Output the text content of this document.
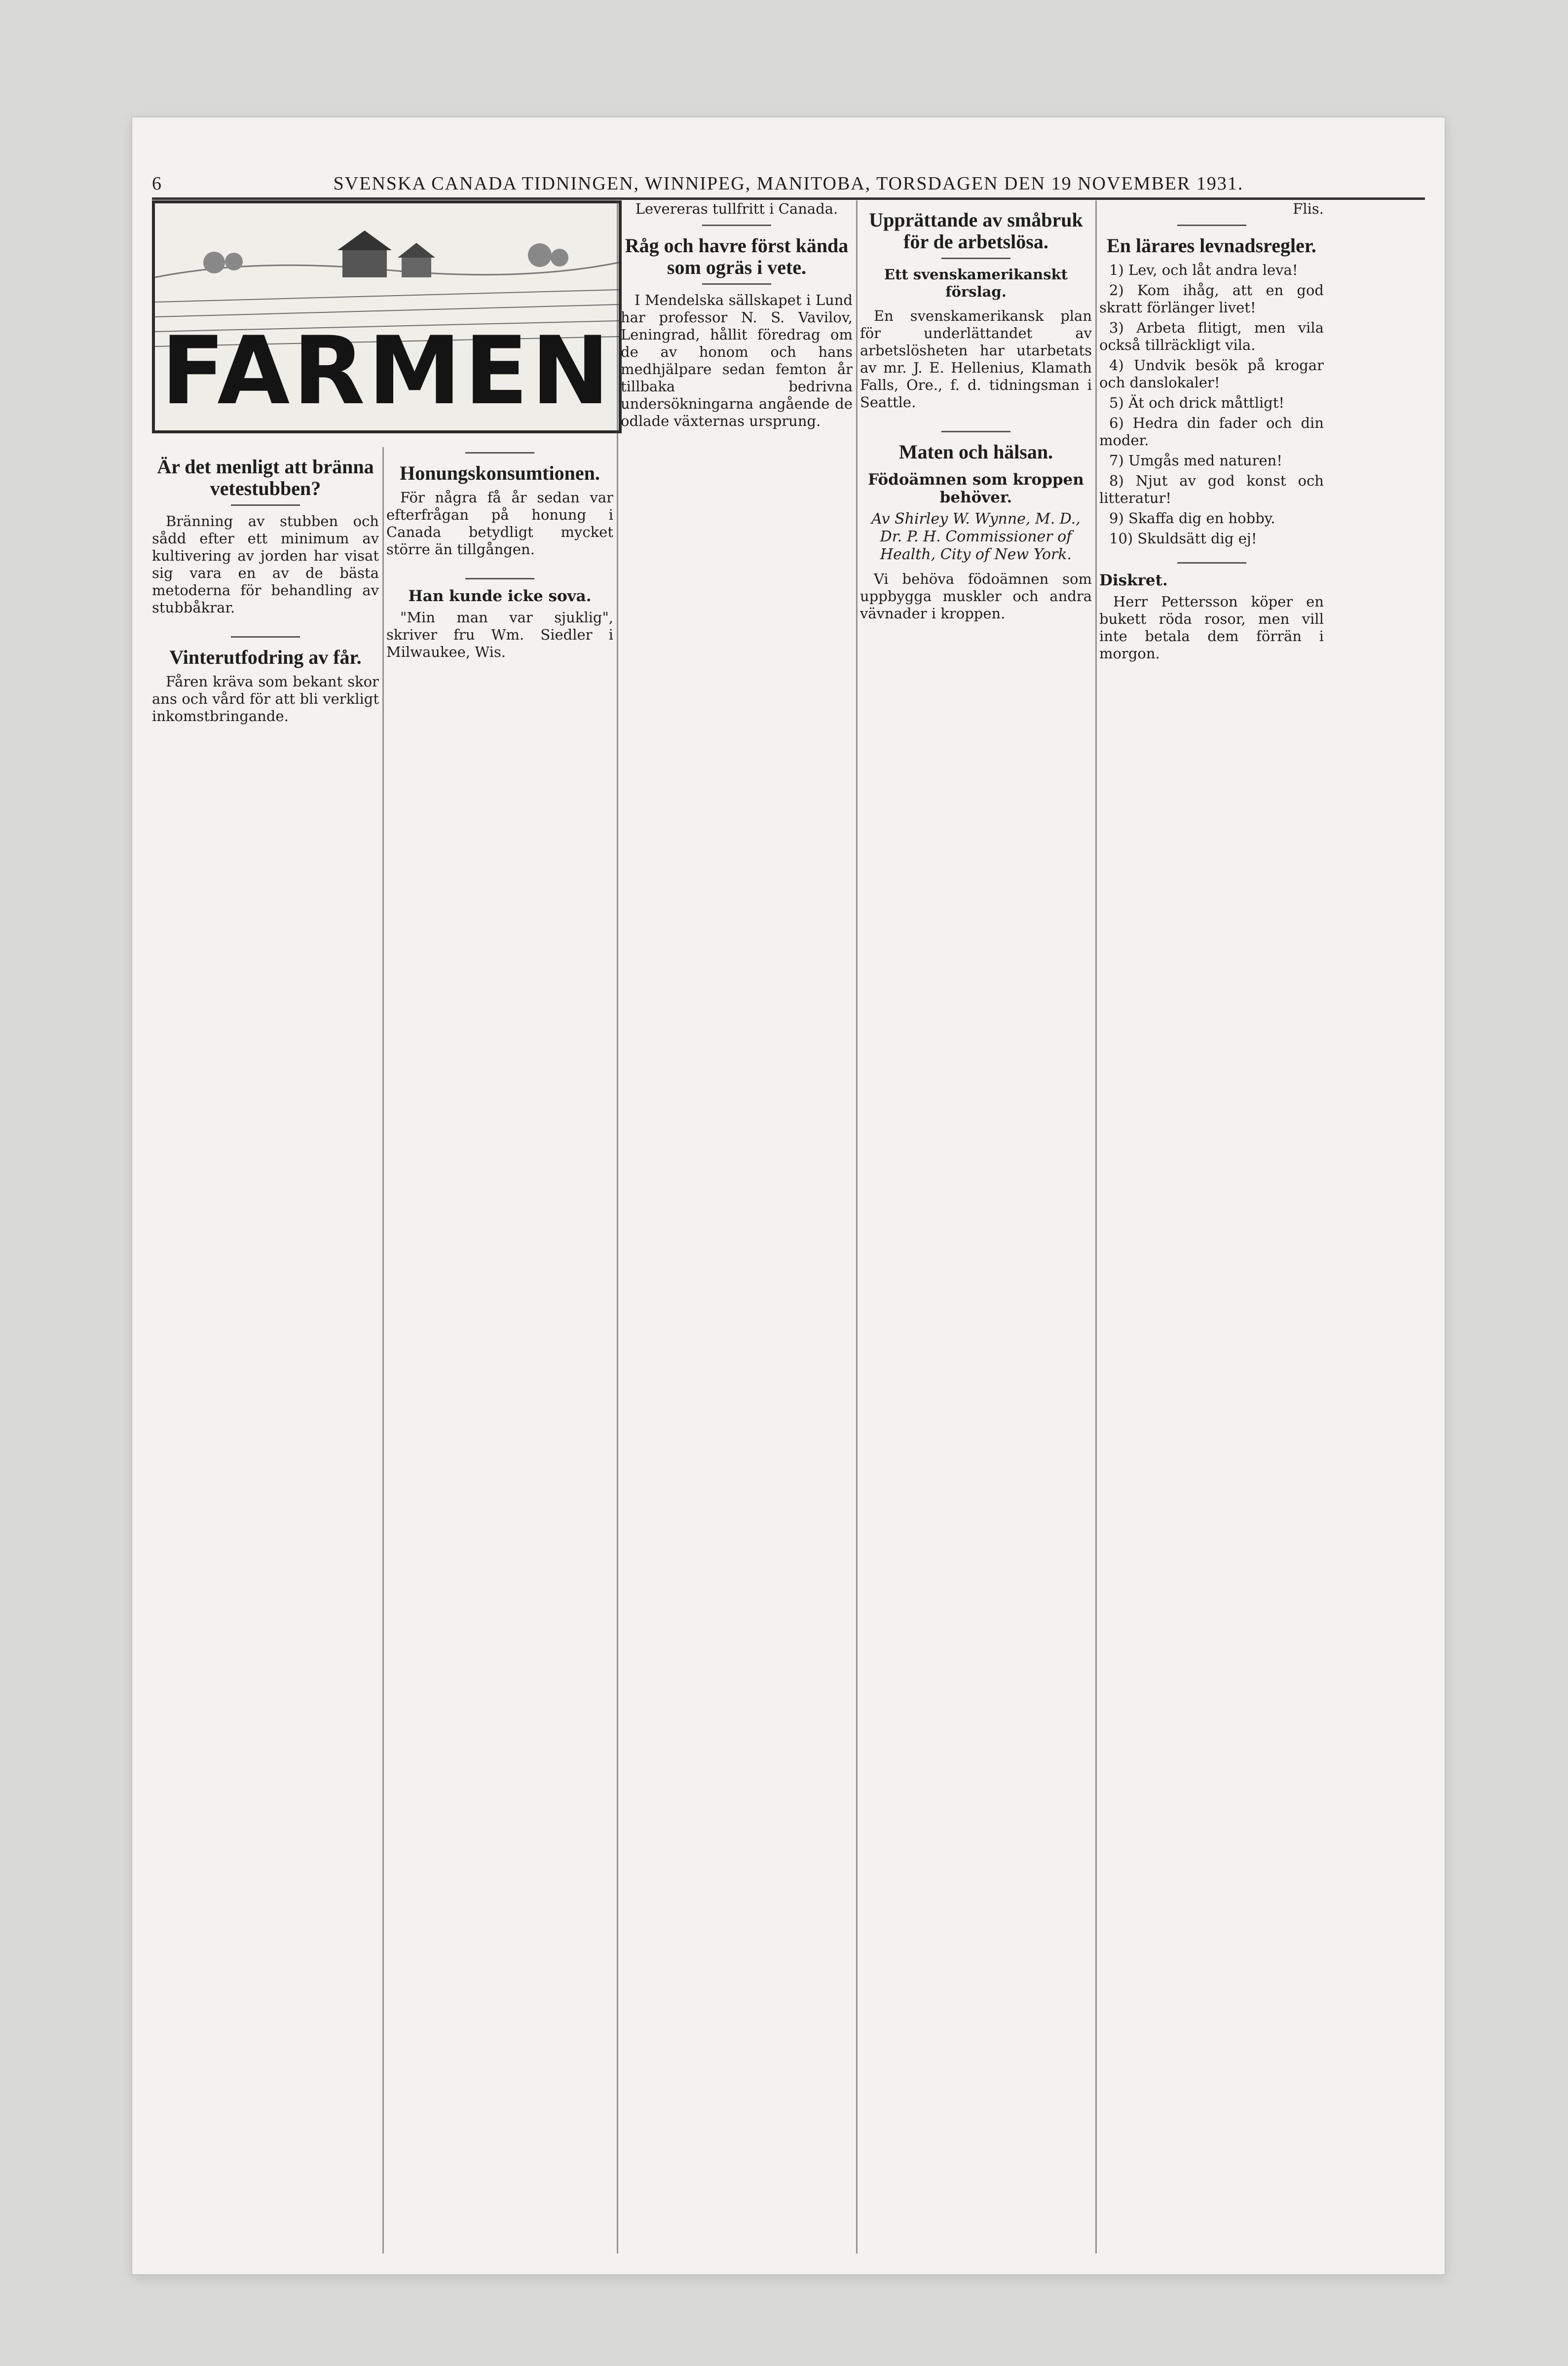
6	SVENSKA CANADA TIDNINGEN, WINNIPEG, MANITOBA, TORSDAGEN DEN 19 NOVEMBER 1931.
FARMEN
Är det menligt att bränna vetestubben?

Bränning av stubben och sådd efter ett minimum av kultivering av jorden har visat sig vara en av de bästa metoderna för behandling av stubbåkrar.

Vinterutfodring av får.

Fåren kräva som bekant skor ans och vård för att bli verkligt inkomstbringande.

Honungskonsumtionen.

För några få år sedan var efterfrågan på honung i Canada betydligt mycket större än tillgången.

Han kunde icke sova.

"Min man var sjuklig", skriver fru Wm. Siedler i Milwaukee, Wis.

Levereras tullfritt i Canada.

Råg och havre först kända som ogräs i vete.

I Mendelska sällskapet i Lund har professor N. S. Vavilov, Leningrad, hållit föredrag om de av honom och hans medhjälpare sedan femton år tillbaka bedrivna undersökningarna angående de odlade växternas ursprung.

Upprättande av småbruk för de arbetslösa.

Ett svenskamerikanskt förslag.

En svenskamerikansk plan för underlättandet av arbetslösheten har utarbetats av mr. J. E. Hellenius, Klamath Falls, Ore., f. d. tidningsman i Seattle.

Maten och hälsan.
Födoämnen som kroppen behöver.

Av Shirley W. Wynne, M. D., Dr. P. H. Commissioner of Health, City of New York.

Vi behöva födoämnen som uppbygga muskler och andra vävnader i kroppen.

Flis.

En lärares levnadsregler.
1) Lev, och låt andra leva!
2) Kom ihåg, att en god skratt förlänger livet!
3) Arbeta flitigt, men vila också tillräckligt vila.
4) Undvik besök på krogar och danslokaler!
5) Ät och drick måttligt!
6) Hedra din fader och din moder.
7) Umgås med naturen!
8) Njut av god konst och litteratur!
9) Skaffa dig en hobby.
10) Skuldsätt dig ej!
Diskret.

Herr Pettersson köper en bukett röda rosor, men vill inte betala dem förrän i morgon.
